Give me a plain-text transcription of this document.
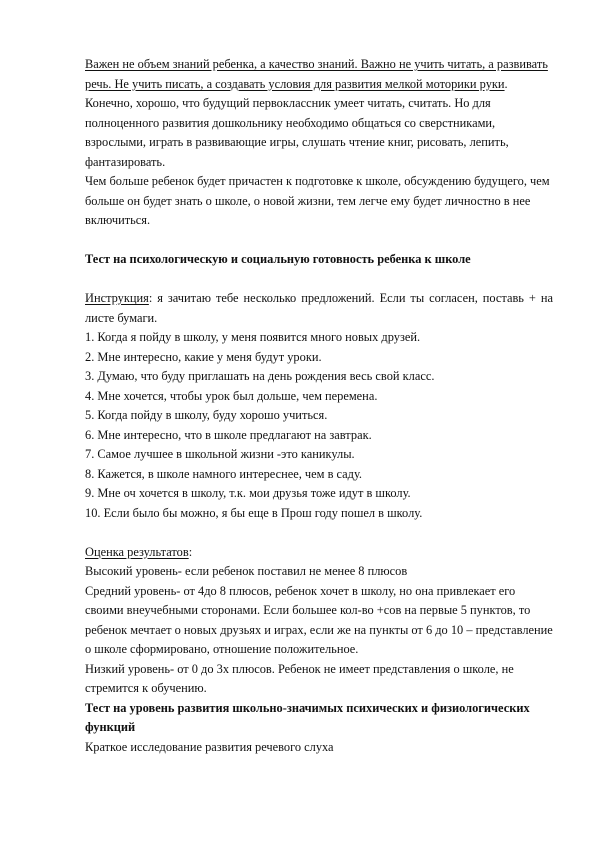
Важен не объем знаний ребенка, а качество знаний. Важно не учить читать, а развивать речь. Не учить писать, а создавать условия для развития мелкой моторики руки.

Конечно, хорошо, что будущий первоклассник умеет читать, считать. Но для полноценного развития дошкольнику необходимо общаться со сверстниками, взрослыми, играть в развивающие игры, слушать чтение книг, рисовать, лепить, фантазировать.

Чем больше ребенок будет причастен к подготовке к школе, обсуждению будущего, чем больше он будет знать о школе, о новой жизни, тем легче ему будет личностно в нее включиться.

Тест на психологическую и социальную готовность ребенка к школе

Инструкция: я зачитаю тебе несколько предложений. Если ты согласен, поставь + на листе бумаги.

1. Когда я пойду в школу, у меня появится много новых друзей.

2. Мне интересно, какие у меня будут уроки.

3. Думаю, что буду приглашать на день рождения весь свой класс.

4. Мне хочется, чтобы урок был дольше, чем перемена.

5. Когда пойду в школу, буду хорошо учиться.

6. Мне интересно, что в школе предлагают на завтрак.

7. Самое лучшее в школьной жизни -это каникулы.

8. Кажется, в школе намного интереснее, чем в саду.

9. Мне оч хочется в школу, т.к. мои друзья тоже идут в школу.

10. Если было бы можно, я бы еще в Прош году пошел в школу.

Оценка результатов:

Высокий уровень- если ребенок поставил не менее 8 плюсов

Средний уровень- от 4до 8 плюсов, ребенок хочет в школу, но она привлекает его своими внеучебными сторонами. Если большее кол-во +сов на первые 5 пунктов, то ребенок мечтает о новых друзьях и играх, если же на пункты от 6 до 10 – представление о школе сформировано, отношение положительное.

Низкий уровень- от 0 до 3х плюсов. Ребенок не имеет представления о школе, не стремится к обучению.

Тест на уровень развития школьно-значимых психических и физиологических функций

Краткое исследование развития речевого слуха
